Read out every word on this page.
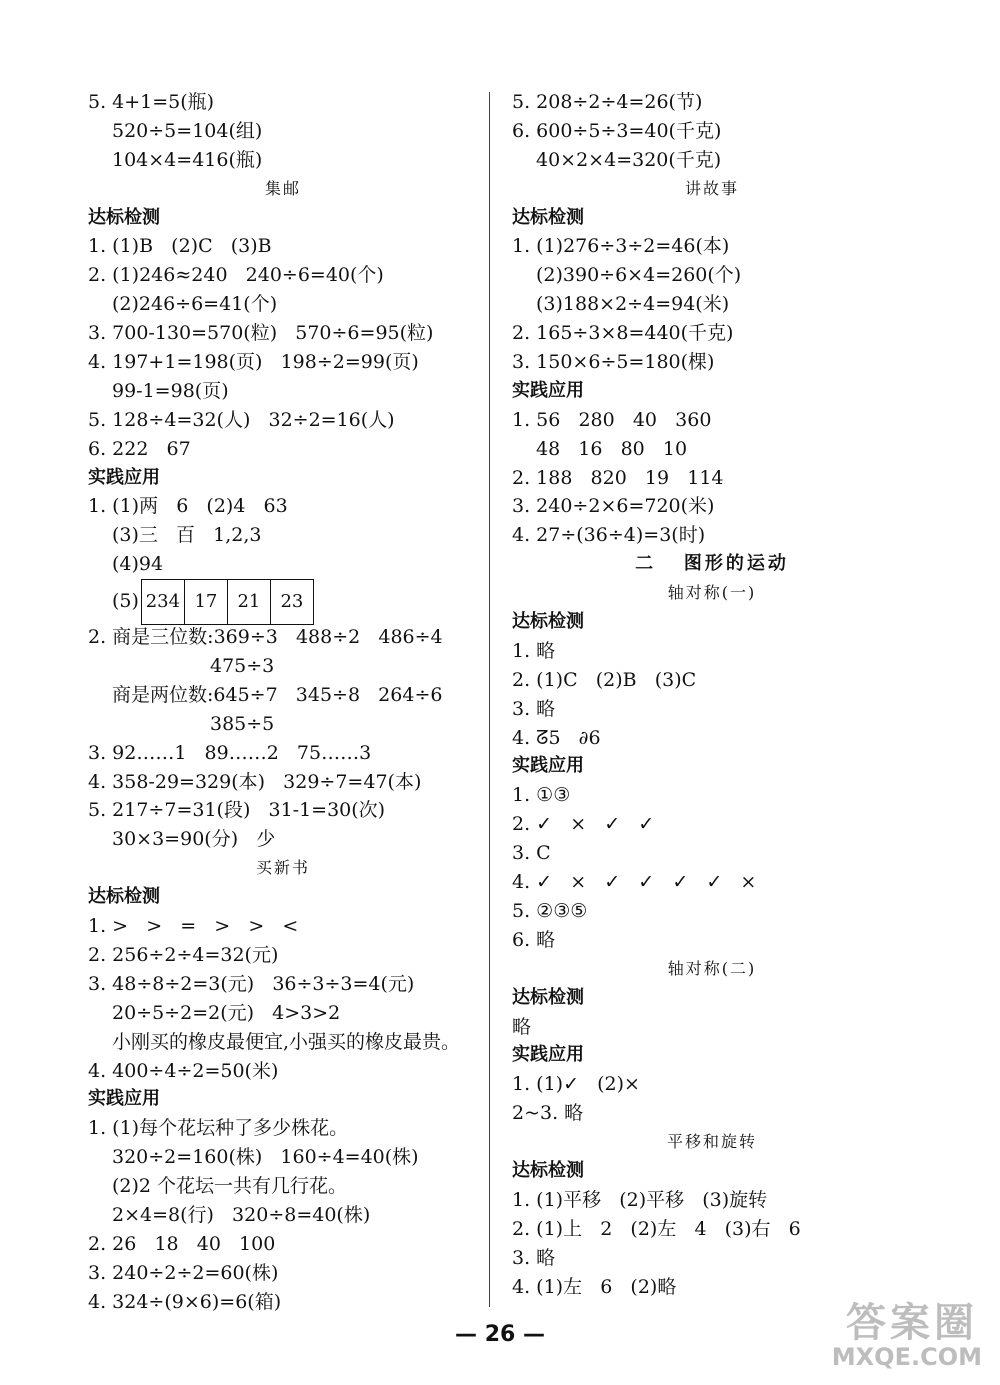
5. 4+1=5(瓶)
520÷5=104(组)
104×4=416(瓶)
集邮
达标检测
1. (1)B   (2)C   (3)B
2. (1)246≈240   240÷6=40(个)
(2)246÷6=41(个)
3. 700-130=570(粒)   570÷6=95(粒)
4. 197+1=198(页)   198÷2=99(页)
99-1=98(页)
5. 128÷4=32(人)   32÷2=16(人)
6. 222   67
实践应用
1. (1)两   6   (2)4   63
(3)三   百   1,2,3
(4)94
(5) 234	17	21	23
2. 商是三位数:369÷3   488÷2   486÷4
475÷3
商是两位数:645÷7   345÷8   264÷6
385÷5
3. 92……1   89……2   75……3
4. 358-29=329(本)   329÷7=47(本)
5. 217÷7=31(段)   31-1=30(次)
30×3=90(分)   少
买新书
达标检测
1. >   >   =   >   >   <
2. 256÷2÷4=32(元)
3. 48÷8÷2=3(元)   36÷3÷3=4(元)
20÷5÷2=2(元)   4>3>2
小刚买的橡皮最便宜,小强买的橡皮最贵。
4. 400÷4÷2=50(米)
实践应用
1. (1)每个花坛种了多少株花。
320÷2=160(株)   160÷4=40(株)
(2)2 个花坛一共有几行花。
2×4=8(行)   320÷8=40(株)
2. 26   18   40   100
3. 240÷2÷2=60(株)
4. 324÷(9×6)=6(箱)
5. 208÷2÷4=26(节)
6. 600÷5÷3=40(千克)
40×2×4=320(千克)
讲故事
达标检测
1. (1)276÷3÷2=46(本)
(2)390÷6×4=260(个)
(3)188×2÷4=94(米)
2. 165÷3×8=440(千克)
3. 150×6÷5=180(棵)
实践应用
1. 56   280   40   360
48   16   80   10
2. 188   820   19   114
3. 240÷2×6=720(米)
4. 27÷(36÷4)=3(时)
二   图形的运动
轴对称(一)
达标检测
1. 略
2. (1)C   (2)B   (3)C
3. 略
4. ᘔ5   ∂6
实践应用
1. ①③
2. ✓   ×   ✓   ✓
3. C
4. ✓   ×   ✓   ✓   ✓   ✓   ×
5. ②③⑤
6. 略
轴对称(二)
达标检测
略
实践应用
1. (1)✓   (2)×
2~3. 略
平移和旋转
达标检测
1. (1)平移   (2)平移   (3)旋转
2. (1)上   2   (2)左   4   (3)右   6
3. 略
4. (1)左   6   (2)略
— 26 —	答案圈
MXQE.COM
